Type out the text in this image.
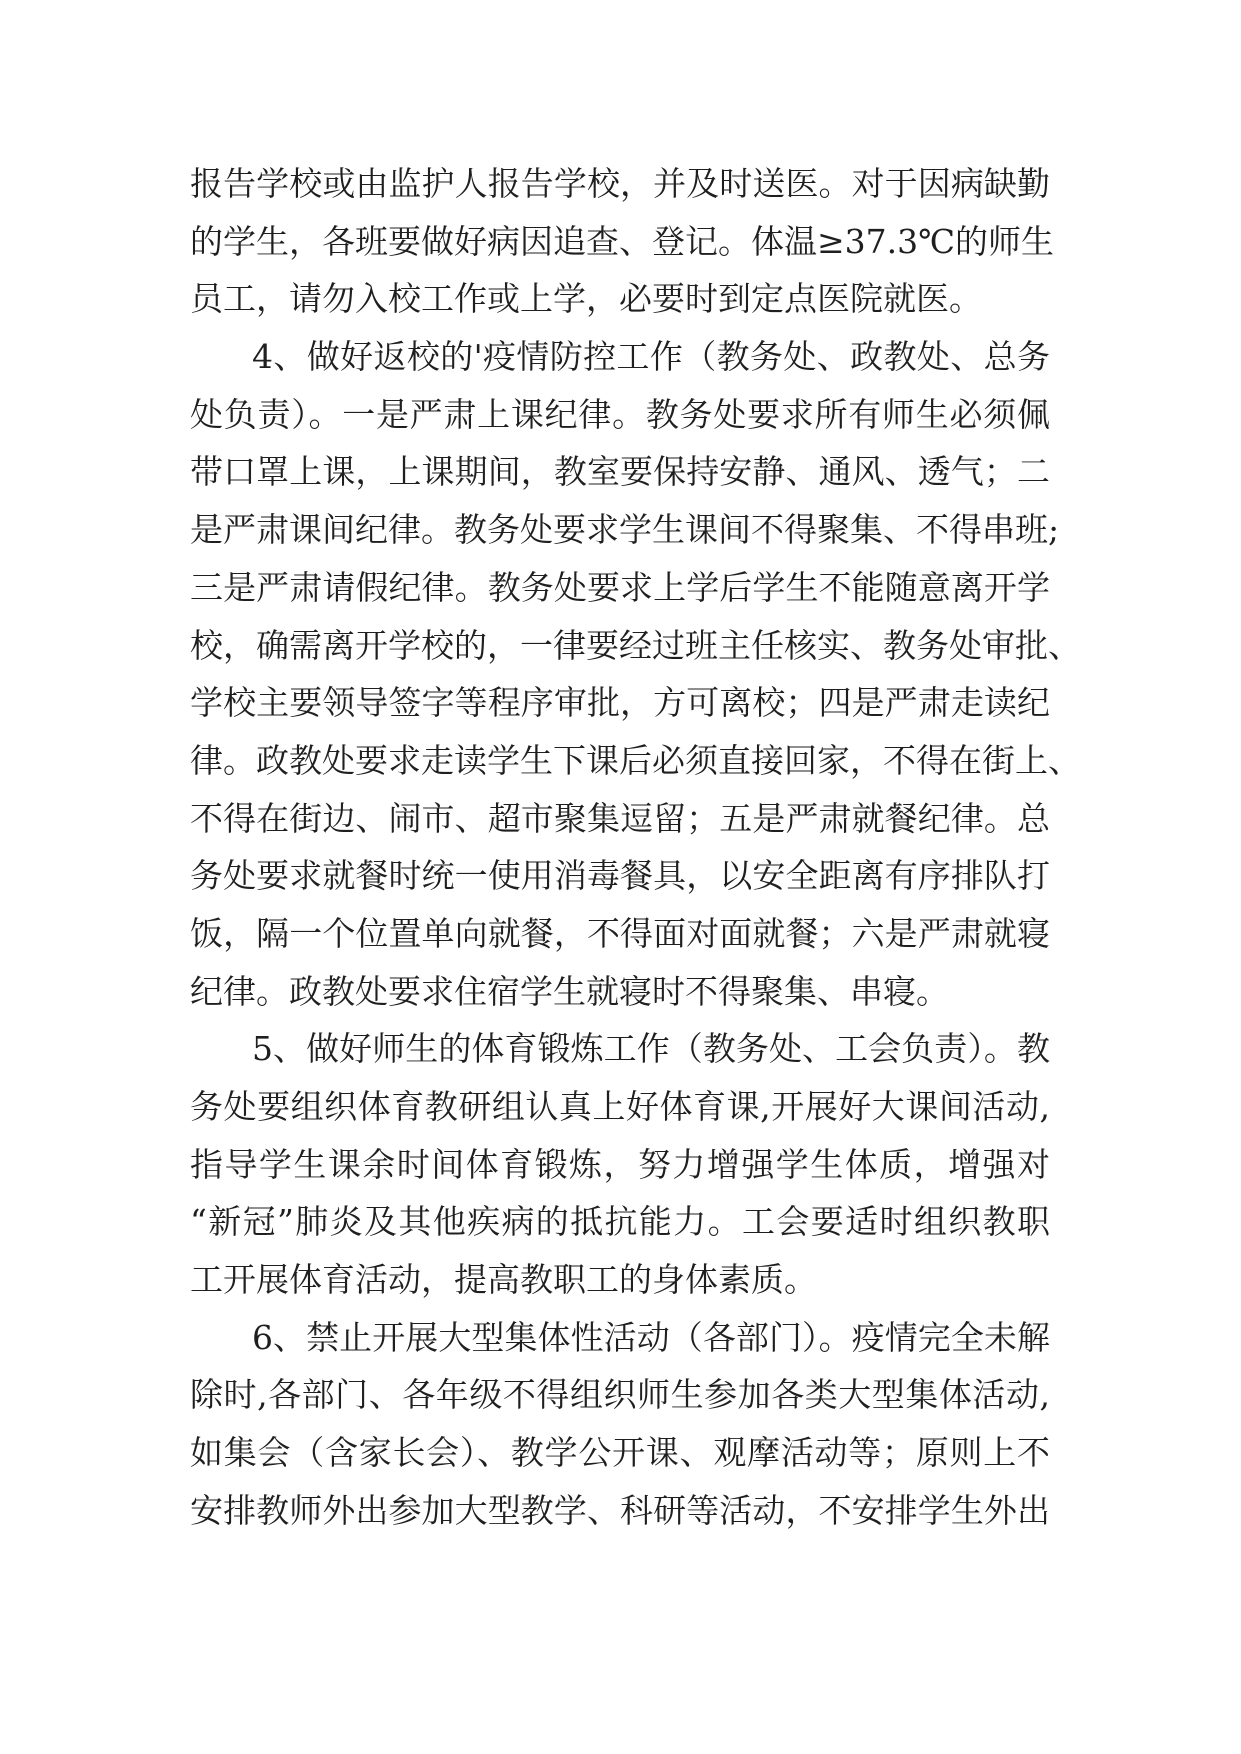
报告学校或由监护人报告学校，并及时送医。对于因病缺勤
的学生，各班要做好病因追查、登记。体温≥37.3℃的师生
员工，请勿入校工作或上学，必要时到定点医院就医。
4、做好返校的'疫情防控工作（教务处、政教处、总务
处负责）。一是严肃上课纪律。教务处要求所有师生必须佩
带口罩上课，上课期间，教室要保持安静、通风、透气；二
是严肃课间纪律。教务处要求学生课间不得聚集、不得串班;
三是严肃请假纪律。教务处要求上学后学生不能随意离开学
校，确需离开学校的，一律要经过班主任核实、教务处审批、
学校主要领导签字等程序审批，方可离校；四是严肃走读纪
律。政教处要求走读学生下课后必须直接回家，不得在街上、
不得在街边、闹市、超市聚集逗留；五是严肃就餐纪律。总
务处要求就餐时统一使用消毒餐具，以安全距离有序排队打
饭，隔一个位置单向就餐，不得面对面就餐；六是严肃就寝
纪律。政教处要求住宿学生就寝时不得聚集、串寝。
5、做好师生的体育锻炼工作（教务处、工会负责）。教
务处要组织体育教研组认真上好体育课,开展好大课间活动,
指导学生课余时间体育锻炼，努力增强学生体质，增强对
“新冠”肺炎及其他疾病的抵抗能力。工会要适时组织教职
工开展体育活动，提高教职工的身体素质。
6、禁止开展大型集体性活动（各部门）。疫情完全未解
除时,各部门、各年级不得组织师生参加各类大型集体活动,
如集会（含家长会）、教学公开课、观摩活动等；原则上不
安排教师外出参加大型教学、科研等活动，不安排学生外出
